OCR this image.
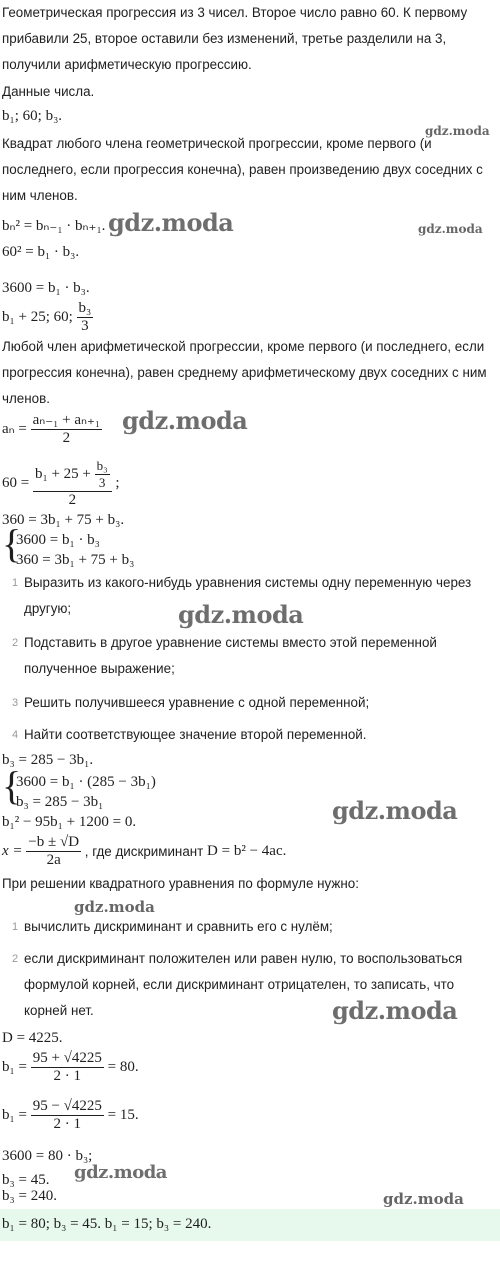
Геометрическая прогрессия из 3 чисел. Второе число равно 60. К первому
прибавили 25, второе оставили без изменений, третье разделили на 3,
получили арифметическую прогрессию.
Данные числа.
b₁; 60; b₃.
gdz.moda
Квадрат любого члена геометрической прогрессии, кроме первого (и последнего, если прогрессия конечна), равен произведению двух соседних с ним членов.
bₙ² = bₙ₋₁ · bₙ₊₁. gdz.moda	gdz.moda
60² = b₁ · b₃.
3600 = b₁ · b₃.
b₁ + 25; 60; $\frac{\text{b₃}}{3}$
Любой член арифметической прогрессии, кроме первого (и последнего, если прогрессия конечна), равен среднему арифметическому двух соседних с ним членов.
$a_n = \frac{\text{aₙ₋₁ + aₙ₊₁}}{2}$ gdz.moda
$60 = \frac{b_1 + 25 + \frac{\text{b₃}}{3}}{2}$ ;
360 = 3b₁ + 75 + b₃.
{
3600 = b₁ · b₃
360 = 3b₁ + 75 + b₃
1 Выразить из какого-нибудь уравнения системы одну переменную через другую;	gdz.moda
2 Подставить в другое уравнение системы вместо этой переменной полученное выражение;
3 Решить получившееся уравнение с одной переменной;
4 Найти соответствующее значение второй переменной.
b₃ = 285 − 3b₁.
{
3600 = b₁ · (285 − 3b₁)
b₃ = 285 − 3b₁	gdz.moda
b₁² − 95b₁ + 1200 = 0.
$x = \frac{-b \pm √D}{2a}$ , где дискриминант D = b² − 4ac.
При решении квадратного уравнения по формуле нужно:
gdz.moda
1 вычислить дискриминант и сравнить его с нулём;
2 если дискриминант положителен или равен нулю, то воспользоваться формулой корней, если дискриминант отрицателен, то записать, что корней нет.	gdz.moda
D = 4225.
$b_1 = \frac{95 + √4225}{2 \cdot 1} = 80$.
$b_1 = \frac{95 - √4225}{2 \cdot 1} = 15$.
3600 = 80 · b₃;
gdz.moda
b₃ = 45.
gdz.moda
b₃ = 240.
b₁ = 80; b₃ = 45. b₁ = 15; b₃ = 240.
